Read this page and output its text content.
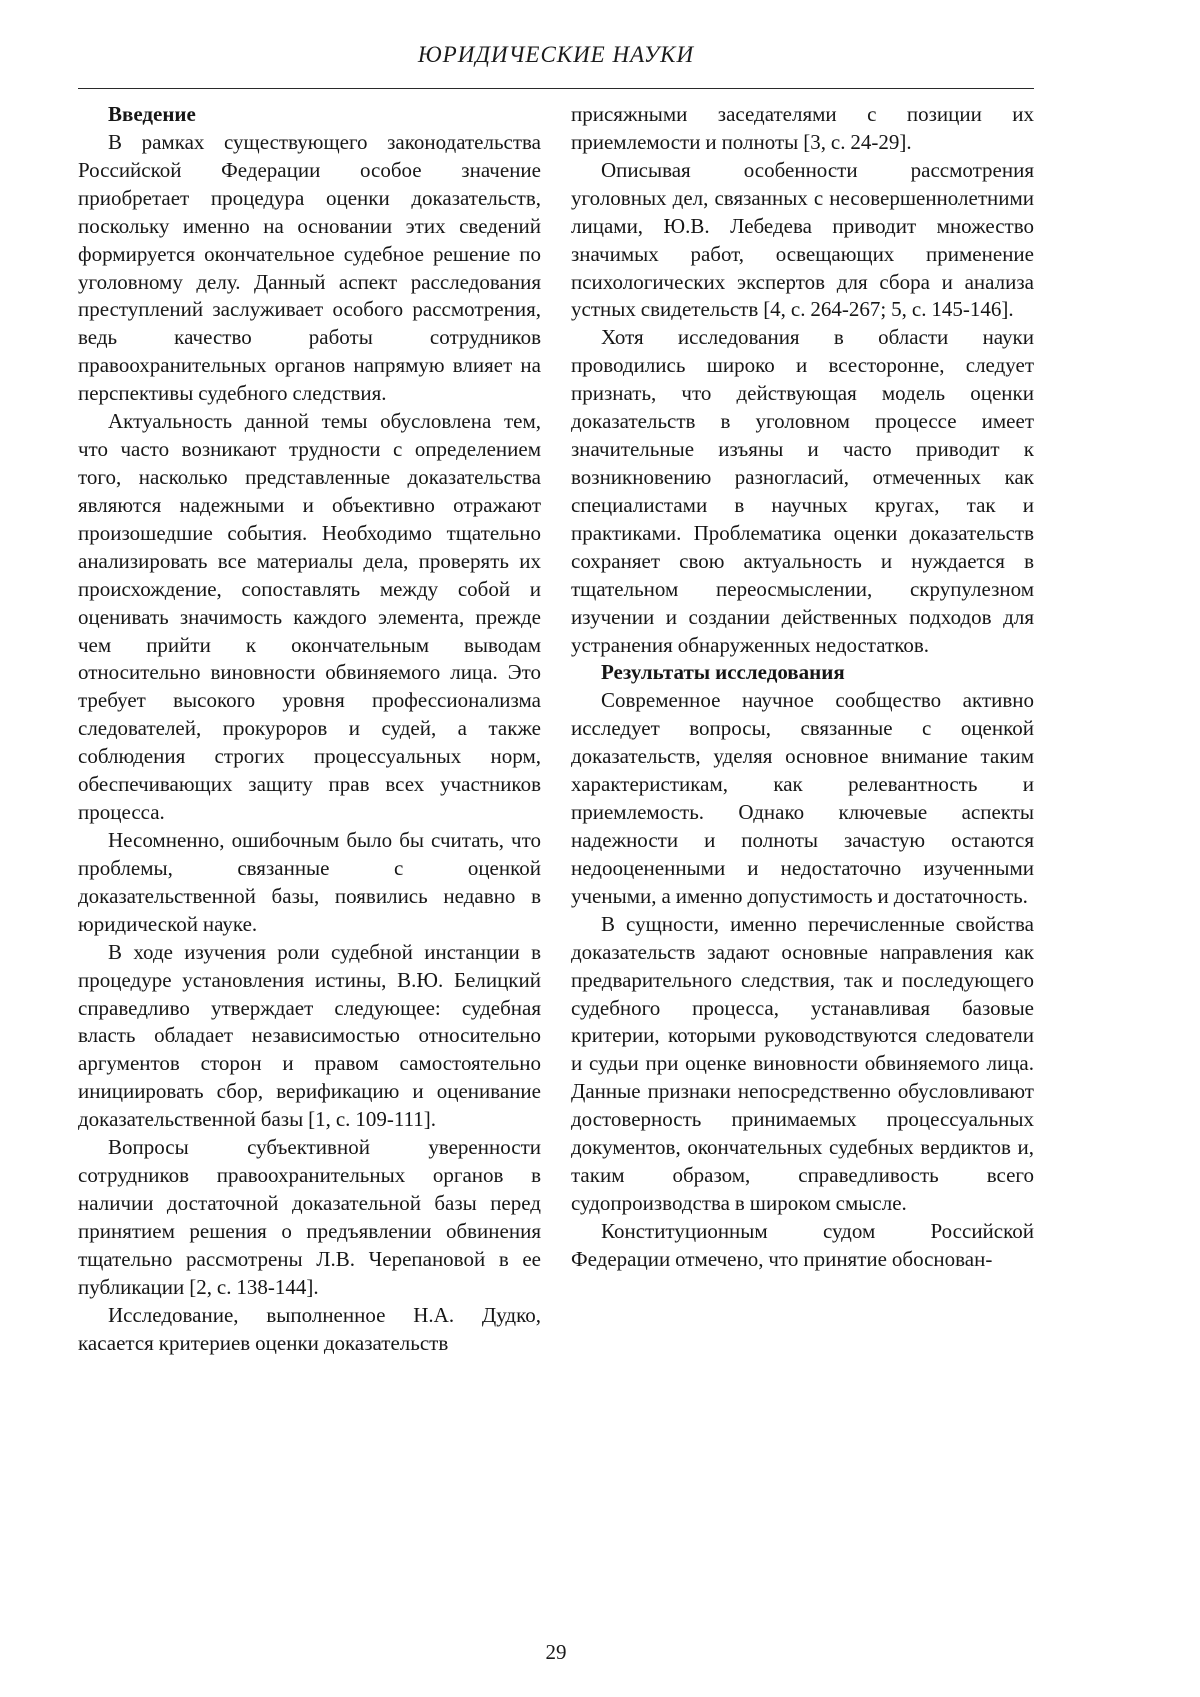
ЮРИДИЧЕСКИЕ НАУКИ

Введение

В рамках существующего законодательства Российской Федерации особое значение приобретает процедура оценки доказательств, поскольку именно на основании этих сведений формируется окончательное судебное решение по уголовному делу. Данный аспект расследования преступлений заслуживает особого рассмотрения, ведь качество работы сотрудников правоохранительных органов напрямую влияет на перспективы судебного следствия.

Актуальность данной темы обусловлена тем, что часто возникают трудности с определением того, насколько представленные доказательства являются надежными и объективно отражают произошедшие события. Необходимо тщательно анализировать все материалы дела, проверять их происхождение, сопоставлять между собой и оценивать значимость каждого элемента, прежде чем прийти к окончательным выводам относительно виновности обвиняемого лица. Это требует высокого уровня профессионализма следователей, прокуроров и судей, а также соблюдения строгих процессуальных норм, обеспечивающих защиту прав всех участников процесса.

Несомненно, ошибочным было бы считать, что проблемы, связанные с оценкой доказательственной базы, появились недавно в юридической науке.

В ходе изучения роли судебной инстанции в процедуре установления истины, В.Ю. Белицкий справедливо утверждает следующее: судебная власть обладает независимостью относительно аргументов сторон и правом самостоятельно инициировать сбор, верификацию и оценивание доказательственной базы [1, с. 109-111].

Вопросы субъективной уверенности сотрудников правоохранительных органов в наличии достаточной доказательной базы перед принятием решения о предъявлении обвинения тщательно рассмотрены Л.В. Черепановой в ее публикации [2, с. 138-144].

Исследование, выполненное Н.А. Дудко, касается критериев оценки доказательств

присяжными заседателями с позиции их приемлемости и полноты [3, с. 24-29].

Описывая особенности рассмотрения уголовных дел, связанных с несовершеннолетними лицами, Ю.В. Лебедева приводит множество значимых работ, освещающих применение психологических экспертов для сбора и анализа устных свидетельств [4, с. 264-267; 5, с. 145-146].

Хотя исследования в области науки проводились широко и всесторонне, следует признать, что действующая модель оценки доказательств в уголовном процессе имеет значительные изъяны и часто приводит к возникновению разногласий, отмеченных как специалистами в научных кругах, так и практиками. Проблематика оценки доказательств сохраняет свою актуальность и нуждается в тщательном переосмыслении, скрупулезном изучении и создании действенных подходов для устранения обнаруженных недостатков.

Результаты исследования

Современное научное сообщество активно исследует вопросы, связанные с оценкой доказательств, уделяя основное внимание таким характеристикам, как релевантность и приемлемость. Однако ключевые аспекты надежности и полноты зачастую остаются недооцененными и недостаточно изученными учеными, а именно допустимость и достаточность.

В сущности, именно перечисленные свойства доказательств задают основные направления как предварительного следствия, так и последующего судебного процесса, устанавливая базовые критерии, которыми руководствуются следователи и судьи при оценке виновности обвиняемого лица. Данные признаки непосредственно обусловливают достоверность принимаемых процессуальных документов, окончательных судебных вердиктов и, таким образом, справедливость всего судопроизводства в широком смысле.

Конституционным судом Российской Федерации отмечено, что принятие обоснован-

29
